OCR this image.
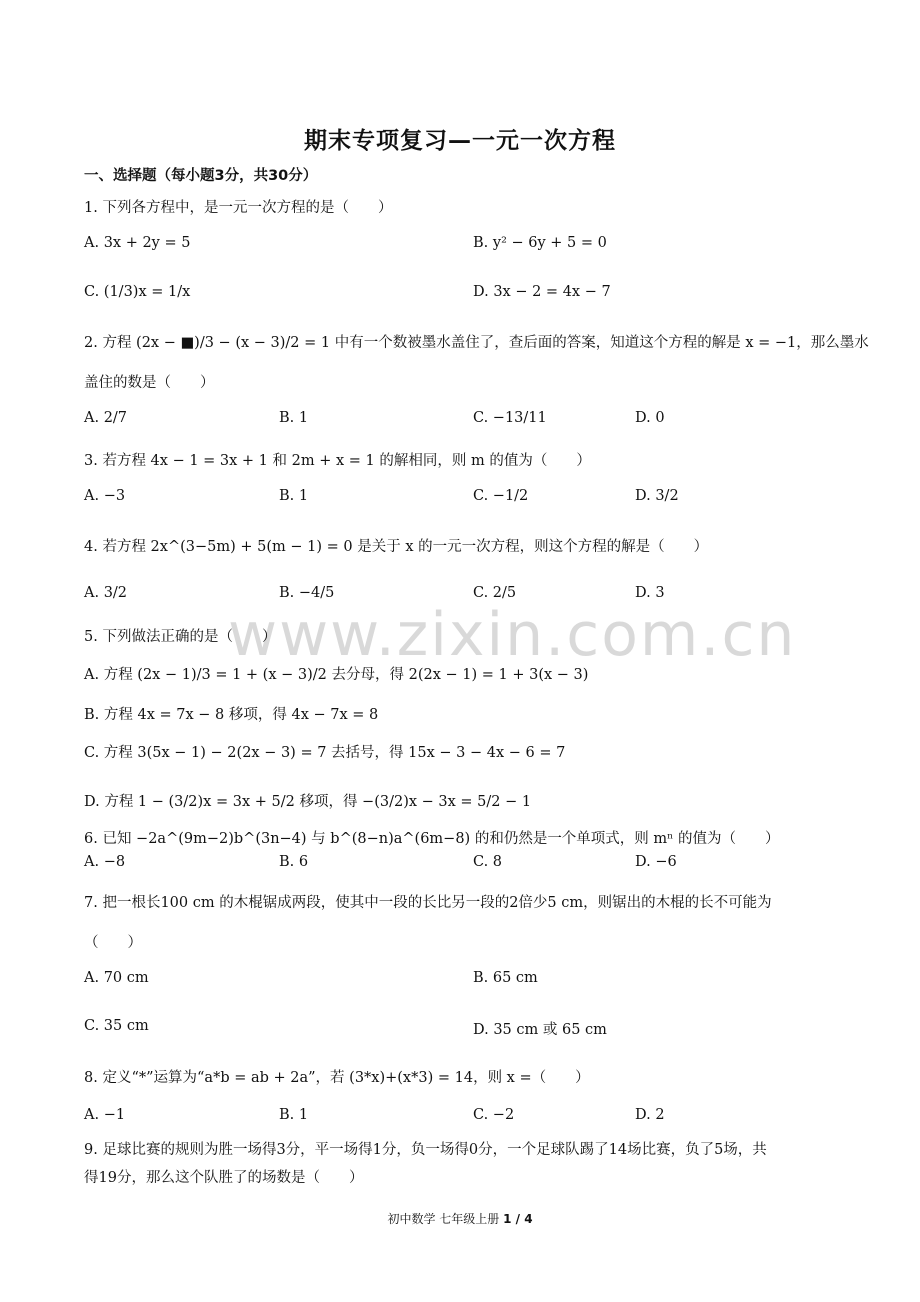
www.zixin.com.cn
期末专项复习—一元一次方程
一、选择题（每小题3分，共30分）
1. 下列各方程中，是一元一次方程的是（　　）
A. 3x + 2y = 5	B. y² − 6y + 5 = 0
C. (1/3)x = 1/x	D. 3x − 2 = 4x − 7
2. 方程 (2x − ■)/3 − (x − 3)/2 = 1 中有一个数被墨水盖住了，查后面的答案，知道这个方程的解是 x = −1，那么墨水
盖住的数是（　　）
A. 2/7	B. 1	C. −13/11	D. 0
3. 若方程 4x − 1 = 3x + 1 和 2m + x = 1 的解相同，则 m 的值为（　　）
A. −3	B. 1	C. −1/2	D. 3/2
4. 若方程 2x^(3−5m) + 5(m − 1) = 0 是关于 x 的一元一次方程，则这个方程的解是（　　）
A. 3/2	B. −4/5	C. 2/5	D. 3
5. 下列做法正确的是（　　）
A. 方程 (2x − 1)/3 = 1 + (x − 3)/2 去分母，得 2(2x − 1) = 1 + 3(x − 3)
B. 方程 4x = 7x − 8 移项，得 4x − 7x = 8
C. 方程 3(5x − 1) − 2(2x − 3) = 7 去括号，得 15x − 3 − 4x − 6 = 7
D. 方程 1 − (3/2)x = 3x + 5/2 移项，得 −(3/2)x − 3x = 5/2 − 1
6. 已知 −2a^(9m−2)b^(3n−4) 与 b^(8−n)a^(6m−8) 的和仍然是一个单项式，则 mⁿ 的值为（　　）
A. −8	B. 6	C. 8	D. −6
7. 把一根长100 cm 的木棍锯成两段，使其中一段的长比另一段的2倍少5 cm，则锯出的木棍的长不可能为
（　　）
A. 70 cm	B. 65 cm
C. 35 cm	D. 35 cm 或 65 cm
8. 定义“*”运算为“a*b = ab + 2a”，若 (3*x)+(x*3) = 14，则 x =（　　）
A. −1	B. 1	C. −2	D. 2
9. 足球比赛的规则为胜一场得3分，平一场得1分，负一场得0分，一个足球队踢了14场比赛，负了5场，共
得19分，那么这个队胜了的场数是（　　）
初中数学 七年级上册 1 / 4
